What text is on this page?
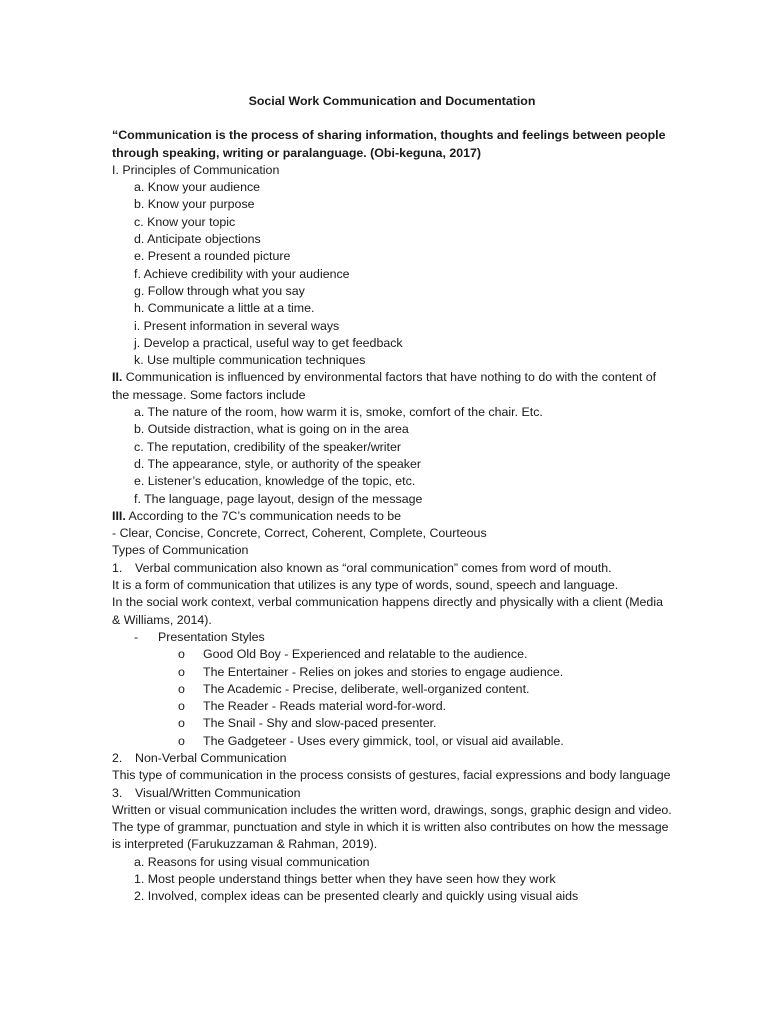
Social Work Communication and Documentation
“Communication is the process of sharing information, thoughts and feelings between people through speaking, writing or paralanguage. (Obi-keguna, 2017)
I. Principles of Communication
a. Know your audience
b. Know your purpose
c. Know your topic
d. Anticipate objections
e. Present a rounded picture
f. Achieve credibility with your audience
g. Follow through what you say
h. Communicate a little at a time.
i. Present information in several ways
j. Develop a practical, useful way to get feedback
k. Use multiple communication techniques
II. Communication is influenced by environmental factors that have nothing to do with the content of the message. Some factors include
a. The nature of the room, how warm it is, smoke, comfort of the chair. Etc.
b. Outside distraction, what is going on in the area
c. The reputation, credibility of the speaker/writer
d. The appearance, style, or authority of the speaker
e. Listener’s education, knowledge of the topic, etc.
f. The language, page layout, design of the message
III. According to the 7C’s communication needs to be
- Clear, Concise, Concrete, Correct, Coherent, Complete, Courteous
Types of Communication
1. Verbal communication also known as “oral communication” comes from word of mouth.
It is a form of communication that utilizes is any type of words, sound, speech and language.
In the social work context, verbal communication happens directly and physically with a client (Media & Williams, 2014).
- Presentation Styles
o Good Old Boy - Experienced and relatable to the audience.
o The Entertainer - Relies on jokes and stories to engage audience.
o The Academic - Precise, deliberate, well-organized content.
o The Reader - Reads material word-for-word.
o The Snail - Shy and slow-paced presenter.
o The Gadgeteer - Uses every gimmick, tool, or visual aid available.
2. Non-Verbal Communication
This type of communication in the process consists of gestures, facial expressions and body language
3. Visual/Written Communication
Written or visual communication includes the written word, drawings, songs, graphic design and video. The type of grammar, punctuation and style in which it is written also contributes on how the message is interpreted (Farukuzzaman & Rahman, 2019).
a. Reasons for using visual communication
1. Most people understand things better when they have seen how they work
2. Involved, complex ideas can be presented clearly and quickly using visual aids
